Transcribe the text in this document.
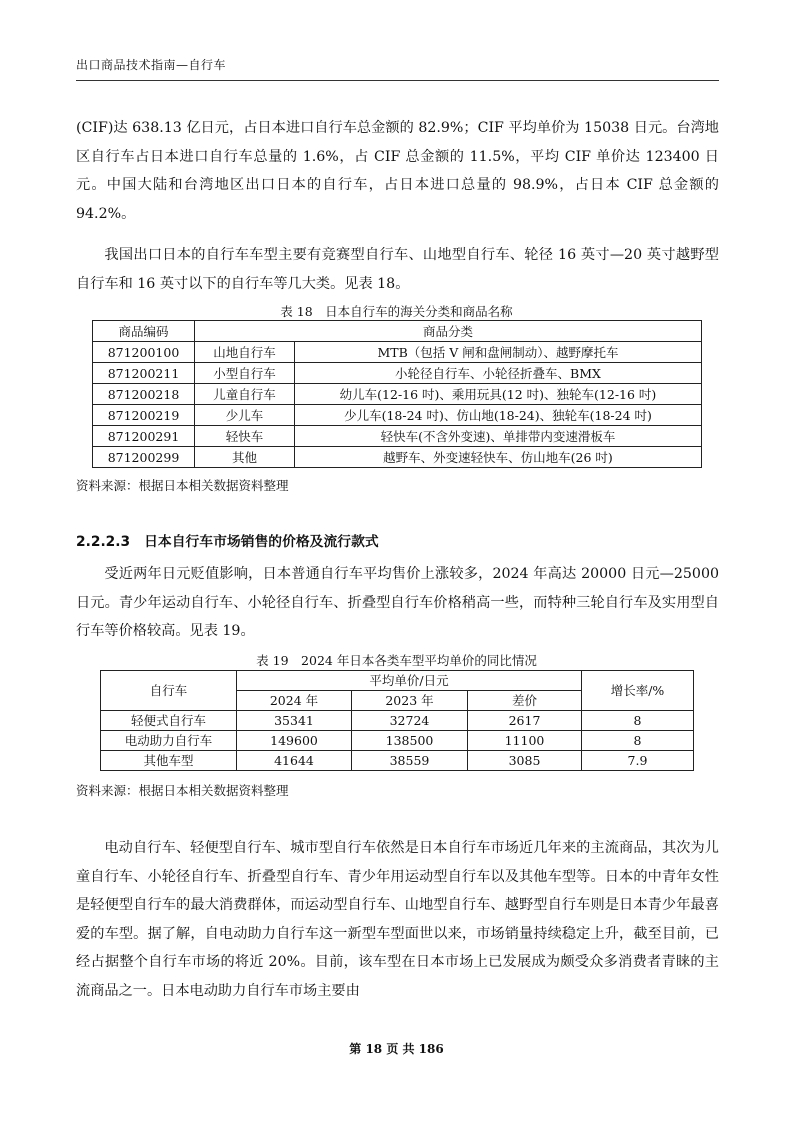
出口商品技术指南—自行车

(CIF)达 638.13 亿日元，占日本进口自行车总金额的 82.9%；CIF 平均单价为 15038 日元。台湾地区自行车占日本进口自行车总量的 1.6%，占 CIF 总金额的 11.5%，平均 CIF 单价达 123400 日元。中国大陆和台湾地区出口日本的自行车，占日本进口总量的 98.9%，占日本 CIF 总金额的 94.2%。

我国出口日本的自行车车型主要有竞赛型自行车、山地型自行车、轮径 16 英寸—20 英寸越野型自行车和 16 英寸以下的自行车等几大类。见表 18。

表 18　日本自行车的海关分类和商品名称
商品编码	商品分类	
871200100	山地自行车	MTB（包括 V 闸和盘闸制动）、越野摩托车
871200211	小型自行车	小轮径自行车、小轮径折叠车、BMX
871200218	儿童自行车	幼儿车(12-16 吋)、乘用玩具(12 吋)、独轮车(12-16 吋)
871200219	少儿车	少儿车(18-24 吋)、仿山地(18-24)、独轮车(18-24 吋)
871200291	轻快车	轻快车(不含外变速)、单排带内变速滑板车
871200299	其他	越野车、外变速轻快车、仿山地车(26 吋)
资料来源：根据日本相关数据资料整理
2.2.2.3 日本自行车市场销售的价格及流行款式

受近两年日元贬值影响，日本普通自行车平均售价上涨较多，2024 年高达 20000 日元—25000 日元。青少年运动自行车、小轮径自行车、折叠型自行车价格稍高一些，而特种三轮自行车及实用型自行车等价格较高。见表 19。

表 19　2024 年日本各类车型平均单价的同比情况
自行车	平均单价/日元			增长率/%
	2024 年	2023 年	差价	
轻便式自行车	35341	32724	2617	8
电动助力自行车	149600	138500	11100	8
其他车型	41644	38559	3085	7.9
资料来源：根据日本相关数据资料整理

电动自行车、轻便型自行车、城市型自行车依然是日本自行车市场近几年来的主流商品，其次为儿童自行车、小轮径自行车、折叠型自行车、青少年用运动型自行车以及其他车型等。日本的中青年女性是轻便型自行车的最大消费群体，而运动型自行车、山地型自行车、越野型自行车则是日本青少年最喜爱的车型。据了解，自电动助力自行车这一新型车型面世以来，市场销量持续稳定上升，截至目前，已经占据整个自行车市场的将近 20%。目前，该车型在日本市场上已发展成为颇受众多消费者青睐的主流商品之一。日本电动助力自行车市场主要由

第 18 页 共 186
